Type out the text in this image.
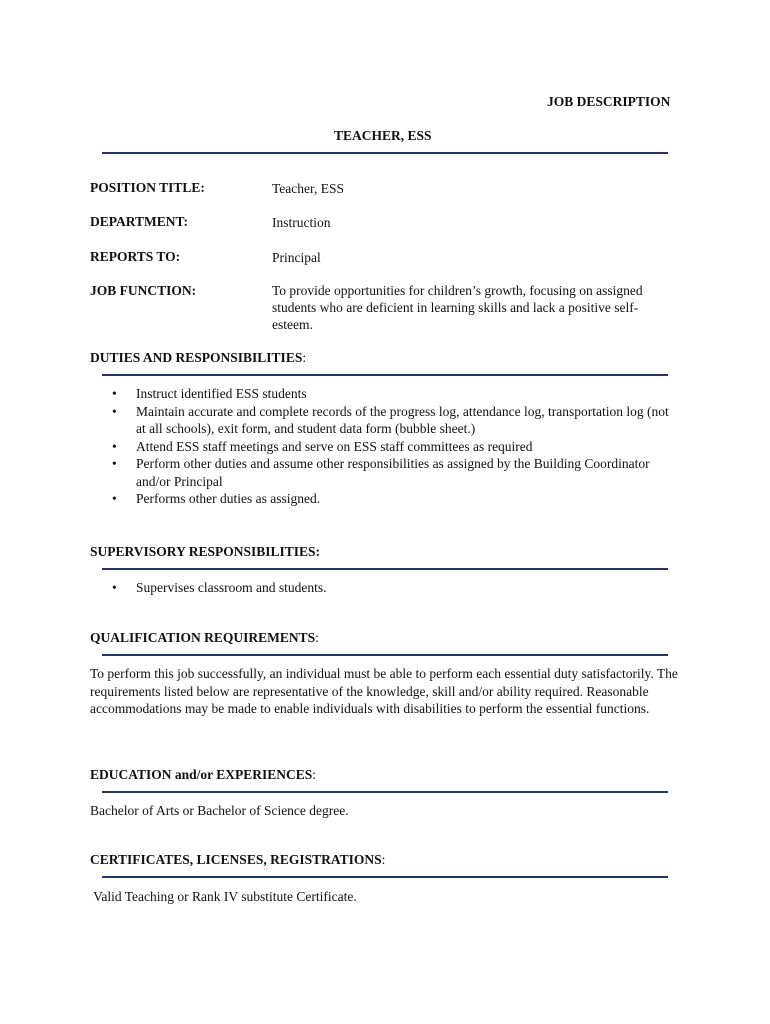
JOB DESCRIPTION
TEACHER, ESS
POSITION TITLE:	Teacher, ESS
DEPARTMENT:	Instruction
REPORTS TO:	Principal
JOB FUNCTION:	To provide opportunities for children’s growth, focusing on assigned students who are deficient in learning skills and lack a positive self-esteem.
DUTIES AND RESPONSIBILITIES:
• Instruct identified ESS students
• Maintain accurate and complete records of the progress log, attendance log, transportation log (not at all schools), exit form, and student data form (bubble sheet.)
• Attend ESS staff meetings and serve on ESS staff committees as required
• Perform other duties and assume other responsibilities as assigned by the Building Coordinator and/or Principal
• Performs other duties as assigned.
SUPERVISORY RESPONSIBILITIES:
• Supervises classroom and students.
QUALIFICATION REQUIREMENTS:
To perform this job successfully, an individual must be able to perform each essential duty satisfactorily. The requirements listed below are representative of the knowledge, skill and/or ability required. Reasonable accommodations may be made to enable individuals with disabilities to perform the essential functions.
EDUCATION and/or EXPERIENCES:
Bachelor of Arts or Bachelor of Science degree.
CERTIFICATES, LICENSES, REGISTRATIONS:
Valid Teaching or Rank IV substitute Certificate.
